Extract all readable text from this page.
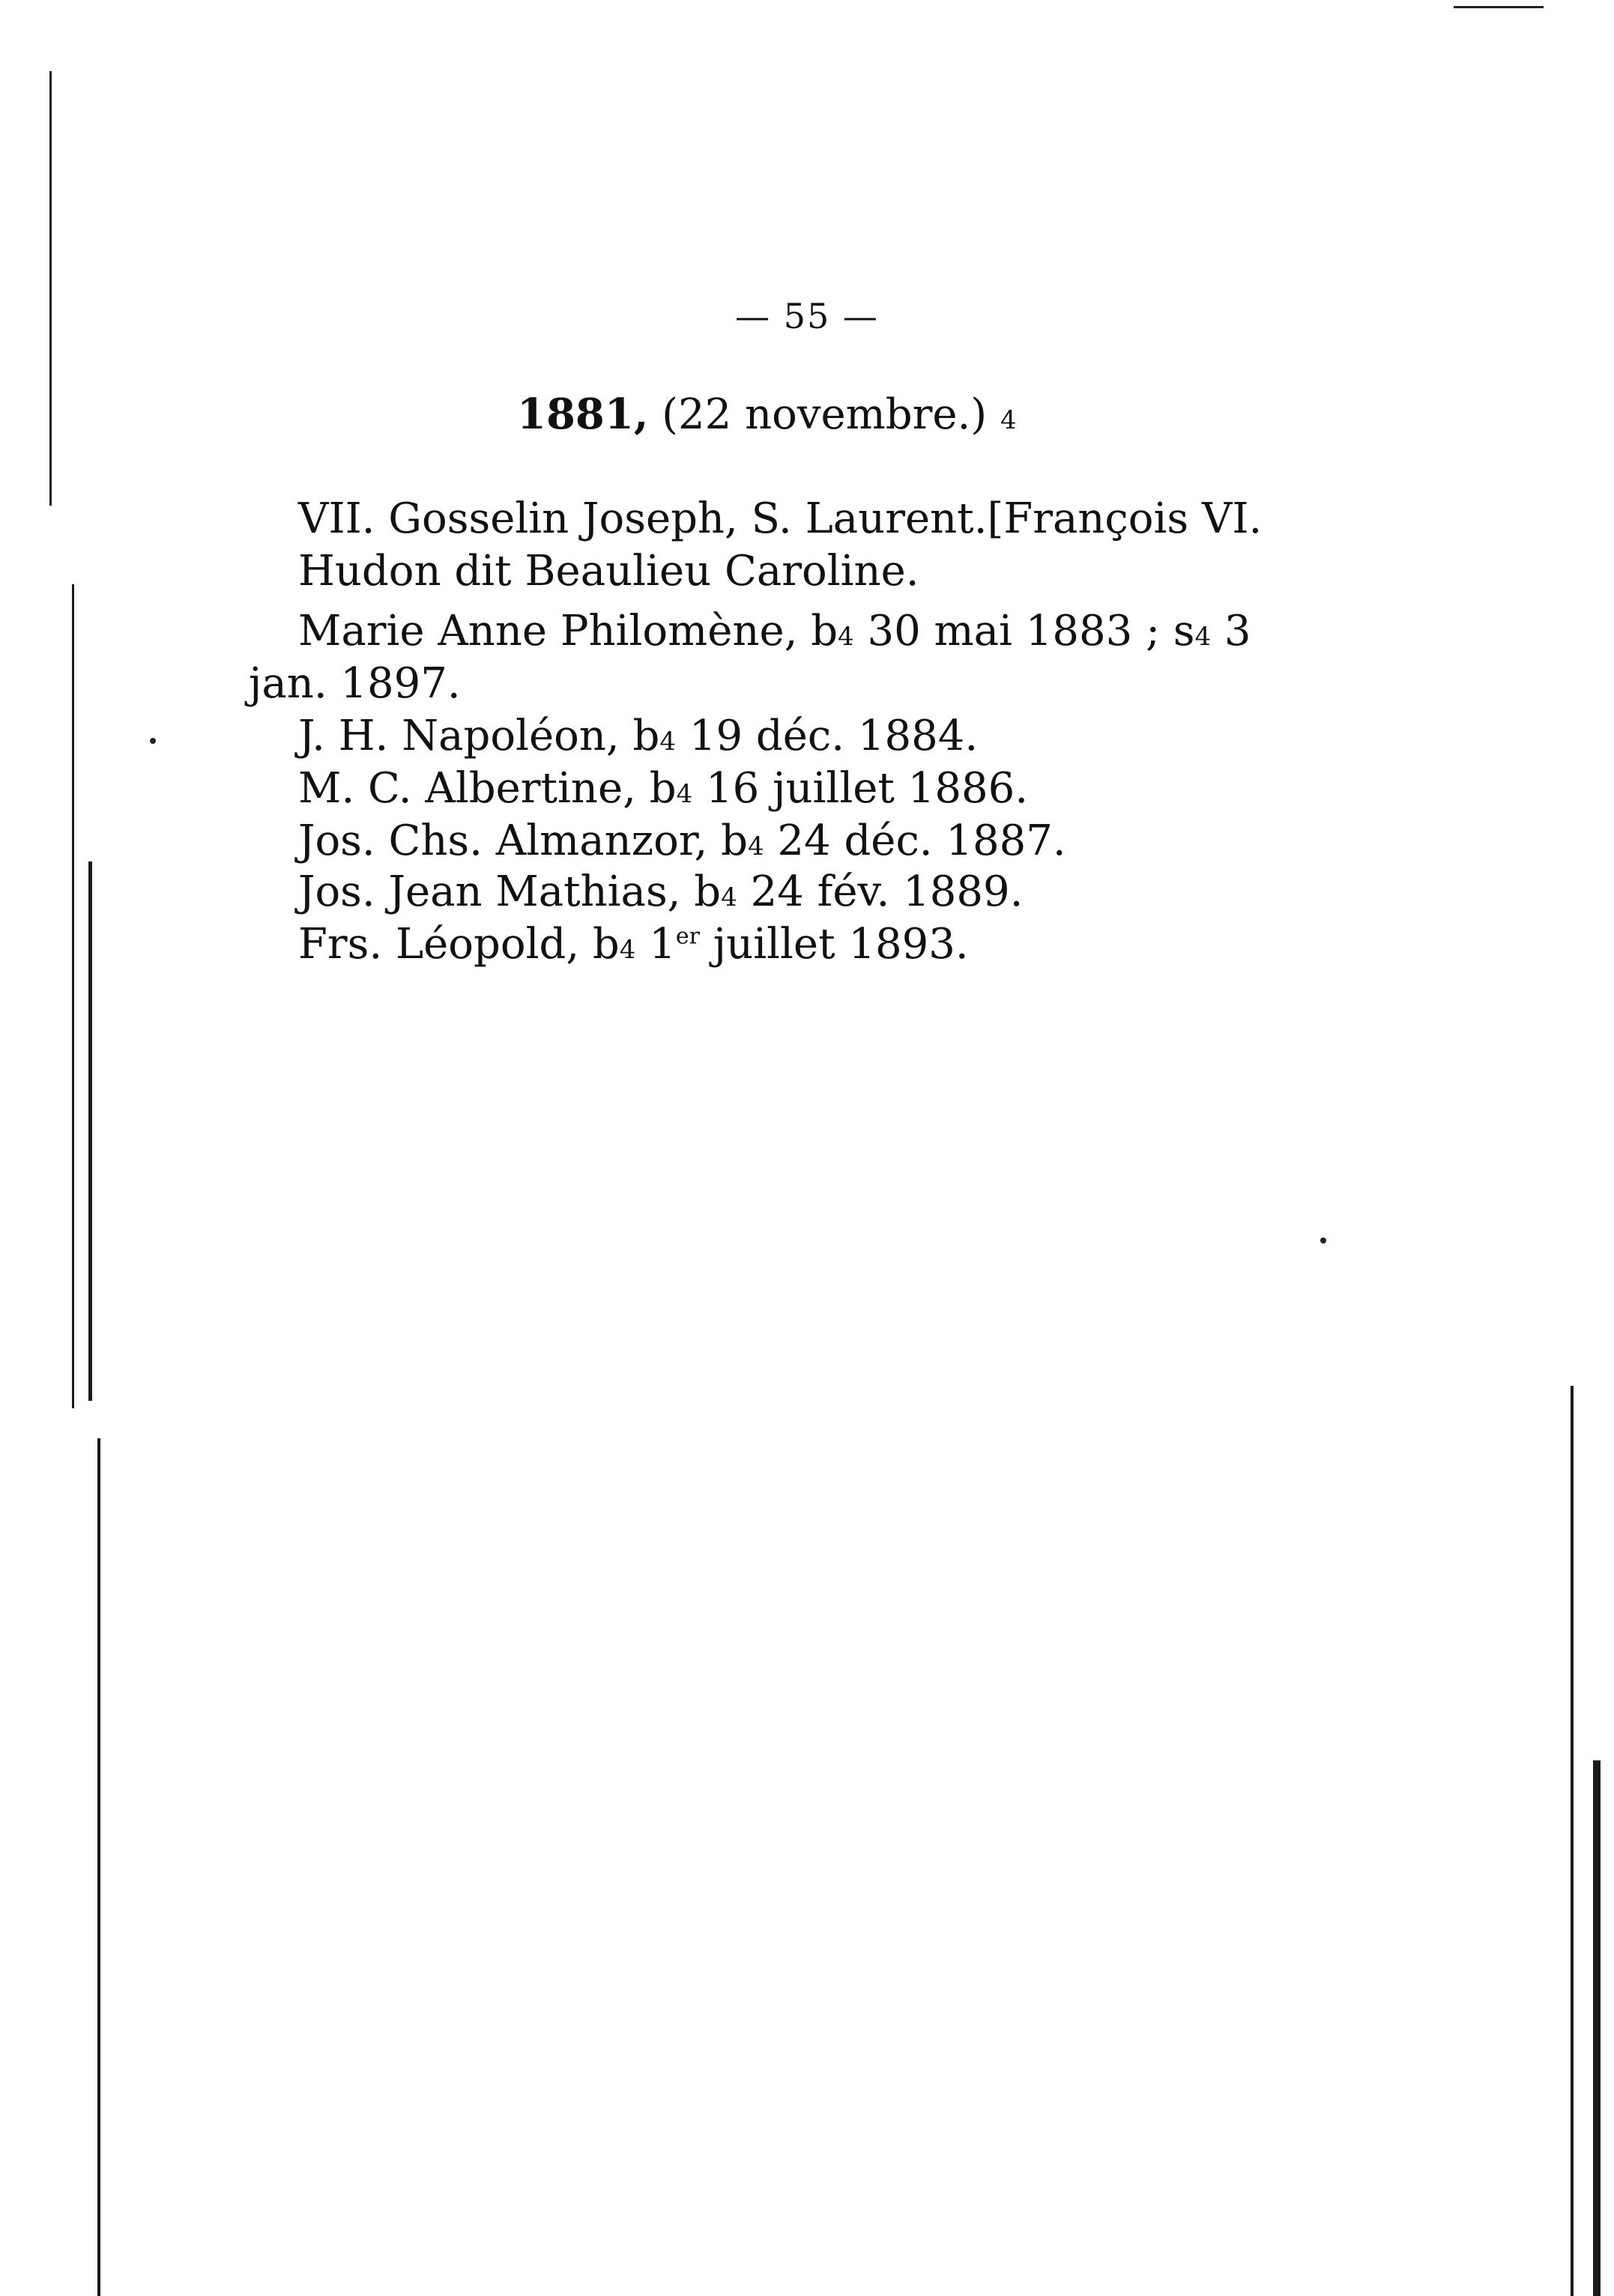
— 55 —
1881, (22 novembre.) 4
VII. Gosselin Joseph, S. Laurent.[François VI.
Hudon dit Beaulieu Caroline.
Marie Anne Philomène, b4 30 mai 1883 ; s4 3
jan. 1897.
J. H. Napoléon, b4 19 déc. 1884.
M. C. Albertine, b4 16 juillet 1886.
Jos. Chs. Almanzor, b4 24 déc. 1887.
Jos. Jean Mathias, b4 24 fév. 1889.
Frs. Léopold, b4 1er juillet 1893.
